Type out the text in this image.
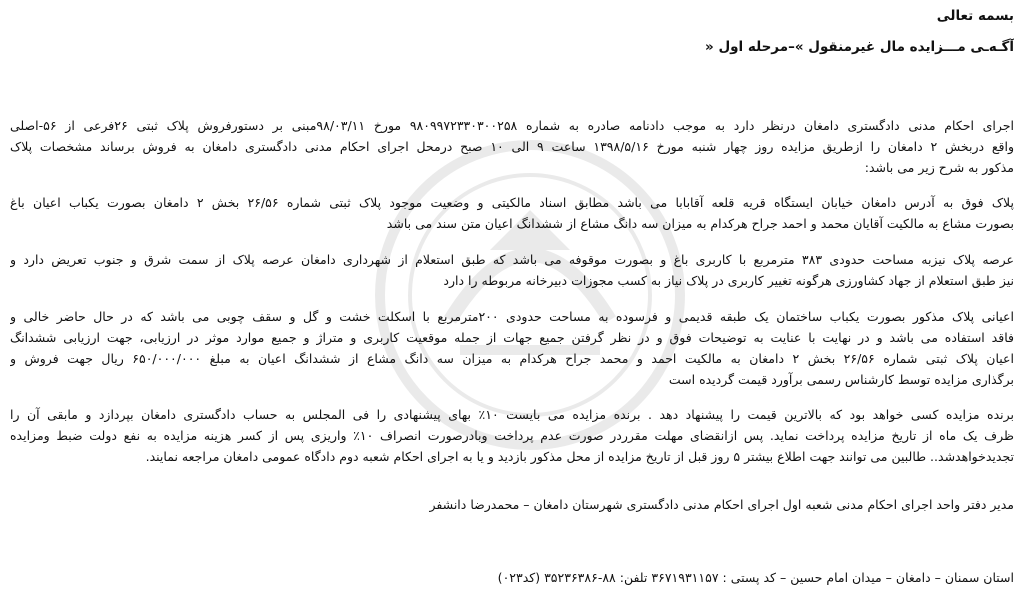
بسمه تعالی
آگـه‌ـی مـــزایده مال غیرمنقول »–مرحله اول «
اجرای احکام مدنی دادگستری دامغان درنظر دارد به موجب دادنامه صادره به شماره ۹۸۰۹۹۷۲۳۳۰۳۰۰۲۵۸ مورخ ۹۸/۰۳/۱۱مبنی بر دستورفروش پلاک ثبتی ۲۶فرعی از ۵۶-اصلی
واقع دربخش ۲ دامغان را ازطریق مزایده روز چهار شنبه مورخ ۱۳۹۸/۵/۱۶ ساعت ۹ الی ۱۰ صبح درمحل اجرای احکام مدنی دادگستری دامغان به فروش برساند مشخصات پلاک
مذکور به شرح زیر می باشد:
پلاک فوق به آدرس دامغان خیابان ایستگاه قریه قلعه آقابابا می باشد مطابق اسناد مالکیتی و وضعیت موجود پلاک ثبتی شماره ۲۶/۵۶ بخش ۲ دامغان بصورت یکباب اعیان باغ
بصورت مشاع به مالکیت آقایان محمد و احمد جراح هرکدام به میزان سه دانگ مشاع از ششدانگ اعیان متن سند می باشد
عرصه پلاک نیزبه مساحت حدودی ۳۸۳ مترمربع با کاربری باغ و بصورت موقوفه می باشد که طبق استعلام از شهرداری دامغان عرصه پلاک از سمت شرق و جنوب تعریض دارد و
نیز طبق استعلام از جهاد کشاورزی هرگونه تغییر کاربری در پلاک نیاز به کسب مجوزات دبیرخانه مربوطه را دارد
اعیانی پلاک مذکور بصورت یکباب ساختمان یک طبقه قدیمی و فرسوده به مساحت حدودی ۲۰۰مترمربع با اسکلت خشت و گل و سقف چوبی می باشد که در حال حاضر خالی و
فاقد استفاده می باشد و در نهایت با عنایت به توضیحات فوق و در نظر گرفتن جمیع جهات از جمله موقعیت کاربری و متراژ و جمیع موارد موثر در ارزیابی، جهت ارزیابی ششدانگ
اعیان پلاک ثبتی شماره ۲۶/۵۶ بخش ۲ دامغان به مالکیت احمد و محمد جراح هرکدام به میزان سه دانگ مشاع از ششدانگ اعیان به مبلغ ۶۵۰/۰۰۰/۰۰۰ ریال جهت فروش و
برگذاری مزایده توسط کارشناس رسمی برآورد قیمت گردیده است
برنده مزایده کسی خواهد بود که بالاترین قیمت را پیشنهاد دهد . برنده مزایده می بایست ۱۰٪ بهای پیشنهادی را فی المجلس به حساب دادگستری دامغان بپردازد و مابقی آن را
ظرف یک ماه از تاریخ مزایده پرداخت نماید. پس ازانقضای مهلت مقرردر صورت عدم پرداخت وبادرصورت انصراف ۱۰٪ واریزی پس از کسر هزینه مزایده به نفع دولت ضبط ومزایده
تجدیدخواهدشد.. طالبین می توانند جهت اطلاع بیشتر ۵ روز قبل از تاریخ مزایده از محل مذکور بازدید و یا به اجرای احکام شعبه دوم دادگاه عمومی دامغان مراجعه نمایند.
مدیر دفتر واحد اجرای احکام مدنی شعبه اول اجرای احکام مدنی دادگستری شهرستان دامغان – محمدرضا دانشفر
استان سمنان – دامغان – میدان امام حسین – کد پستی : ۳۶۷۱۹۳۱۱۵۷ تلفن: ۸۸-۳۵۲۳۶۳۸۶ (کد۰۲۳)
